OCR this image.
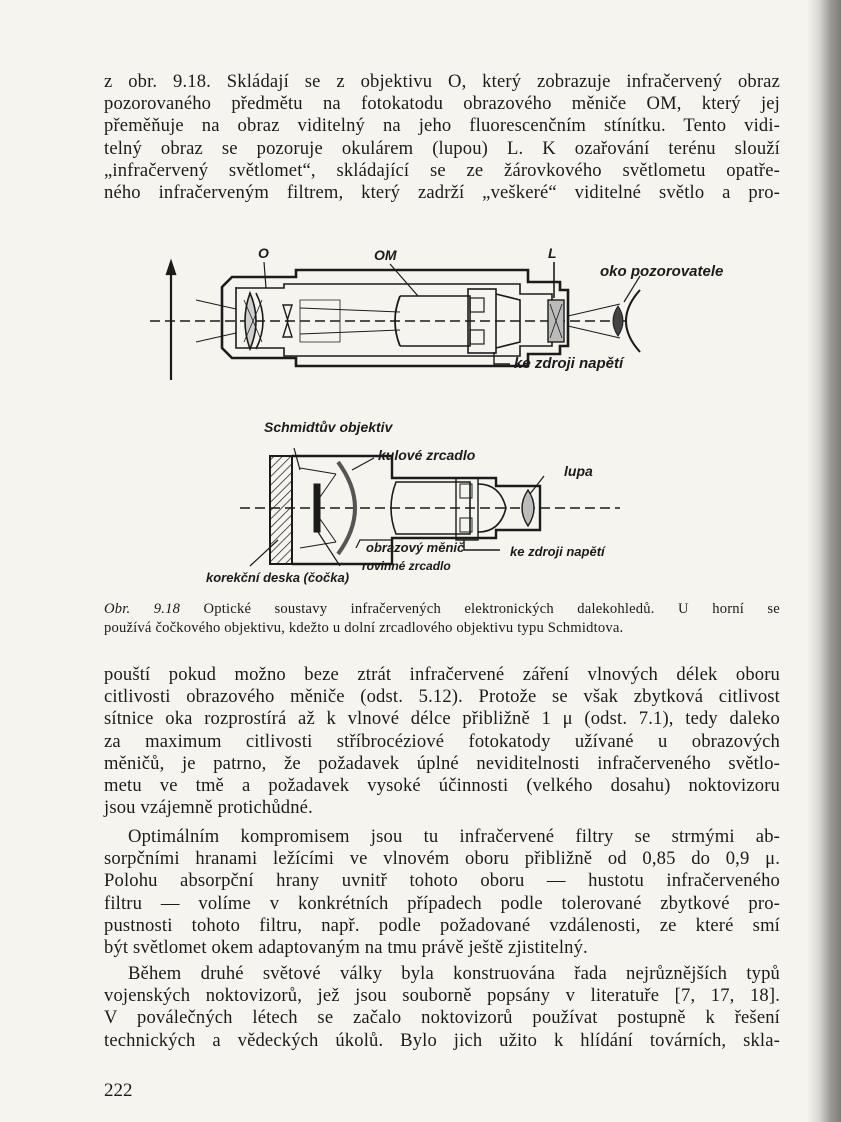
z obr. 9.18. Skládají se z objektivu O, který zobrazuje infračervený obraz
pozorovaného předmětu na fotokatodu obrazového měniče OM, který jej
přeměňuje na obraz viditelný na jeho fluorescenčním stínítku. Tento vidi-
telný obraz se pozoruje okulárem (lupou) L. K ozařování terénu slouží
„infračervený světlomet“, skládající se ze žárovkového světlometu opatře-
ného infračerveným filtrem, který zadrží „veškeré“ viditelné světlo a pro-

O	OM	L
oko pozorovatele
ke zdroji napětí
Schmidtův objektiv
kulové zrcadlo
lupa
obrazový měnič	ke zdroji napětí
rovinné zrcadlo
korekční deska (čočka)

Obr. 9.18 Optické soustavy infračervených elektronických dalekohledů. U horní se
používá čočkového objektivu, kdežto u dolní zrcadlového objektivu typu Schmidtova.

pouští pokud možno beze ztrát infračervené záření vlnových délek oboru
citlivosti obrazového měniče (odst. 5.12). Protože se však zbytková citlivost
sítnice oka rozprostírá až k vlnové délce přibližně 1 μ (odst. 7.1), tedy daleko
za maximum citlivosti stříbrocéziové fotokatody užívané u obrazových
měničů, je patrno, že požadavek úplné neviditelnosti infračerveného světlo-
metu ve tmě a požadavek vysoké účinnosti (velkého dosahu) noktovizoru
jsou vzájemně protichůdné.

Optimálním kompromisem jsou tu infračervené filtry se strmými ab-
sorpčními hranami ležícími ve vlnovém oboru přibližně od 0,85 do 0,9 μ.
Polohu absorpční hrany uvnitř tohoto oboru — hustotu infračerveného
filtru — volíme v konkrétních případech podle tolerované zbytkové pro-
pustnosti tohoto filtru, např. podle požadované vzdálenosti, ze které smí
být světlomet okem adaptovaným na tmu právě ještě zjistitelný.

Během druhé světové války byla konstruována řada nejrůznějších typů
vojenských noktovizorů, jež jsou souborně popsány v literatuře [7, 17, 18].
V poválečných létech se začalo noktovizorů používat postupně k řešení
technických a vědeckých úkolů. Bylo jich užito k hlídání továrních, skla-

222
